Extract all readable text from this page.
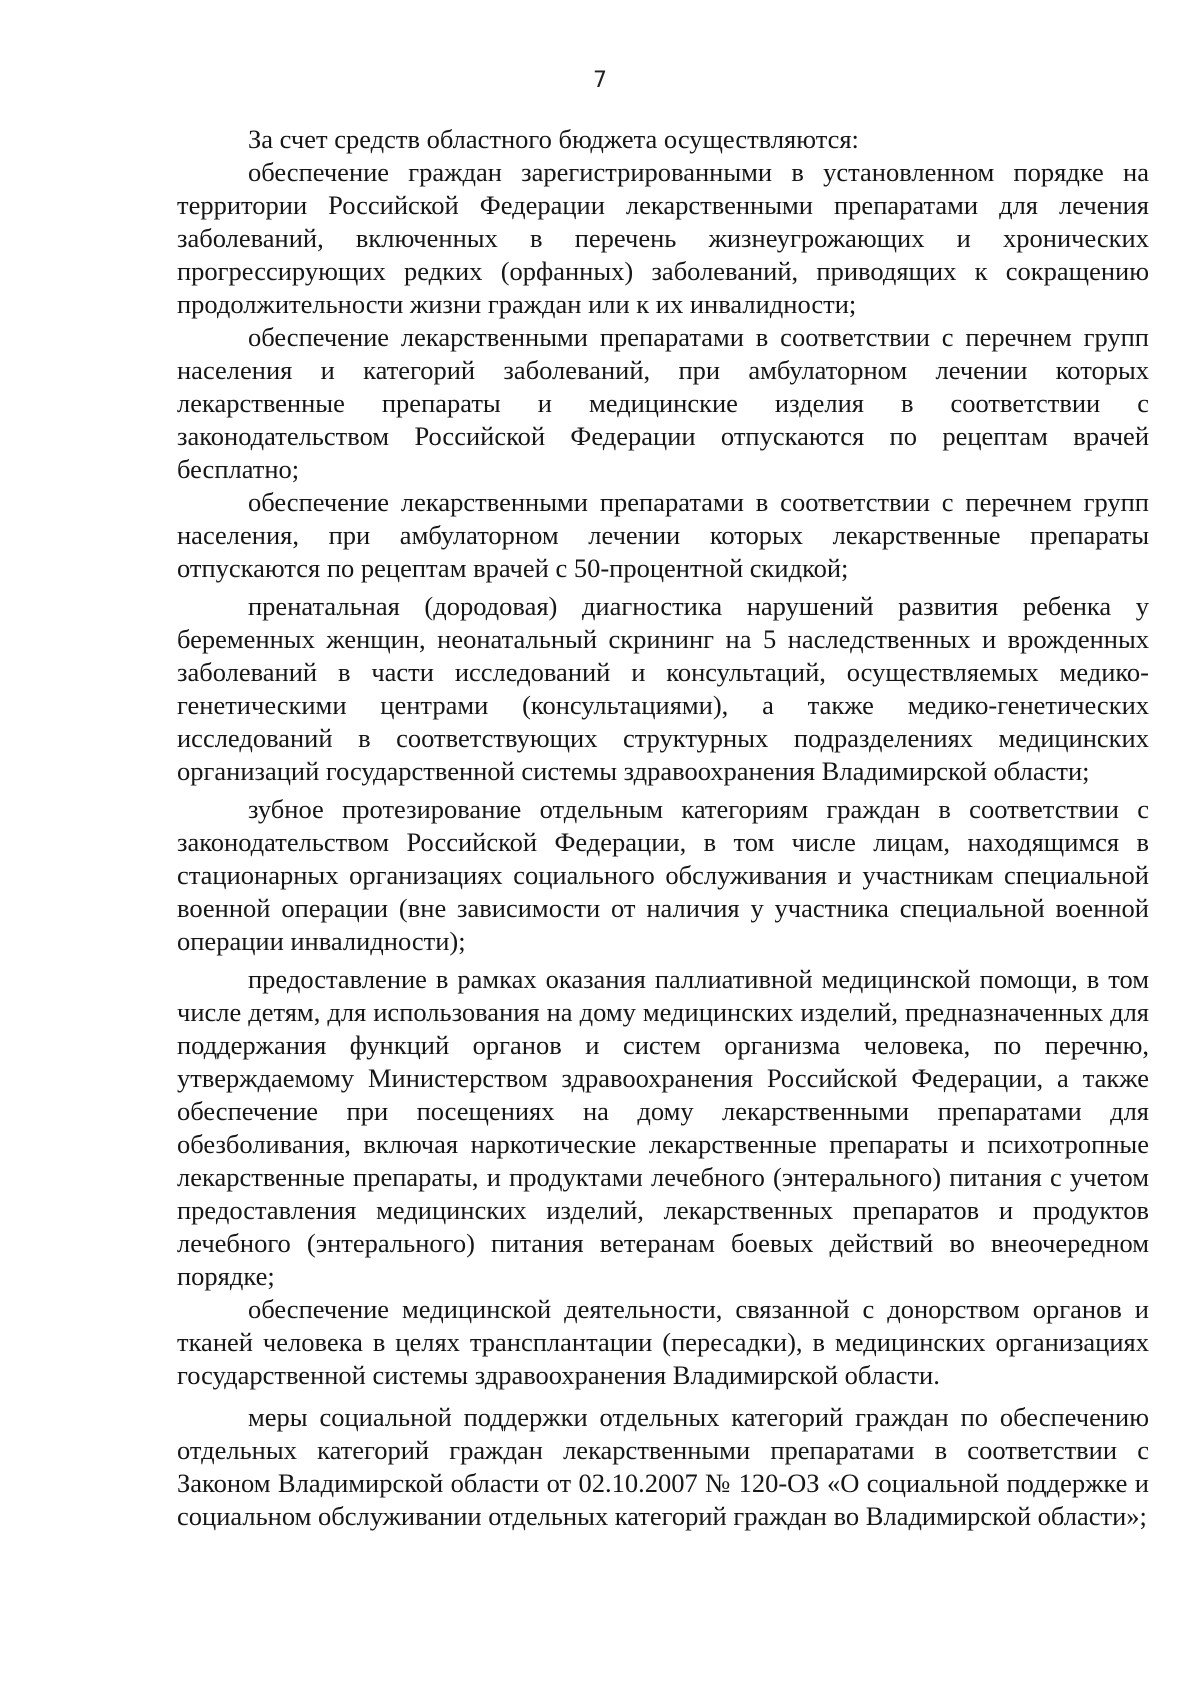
7

За счет средств областного бюджета осуществляются:

обеспечение граждан зарегистрированными в установленном порядке на территории Российской Федерации лекарственными препаратами для лечения заболеваний, включенных в перечень жизнеугрожающих и хронических прогрессирующих редких (орфанных) заболеваний, приводящих к сокращению продолжительности жизни граждан или к их инвалидности;

обеспечение лекарственными препаратами в соответствии с перечнем групп населения и категорий заболеваний, при амбулаторном лечении которых лекарственные препараты и медицинские изделия в соответствии с законодательством Российской Федерации отпускаются по рецептам врачей бесплатно;

обеспечение лекарственными препаратами в соответствии с перечнем групп населения, при амбулаторном лечении которых лекарственные препараты отпускаются по рецептам врачей с 50-процентной скидкой;

пренатальная (дородовая) диагностика нарушений развития ребенка у беременных женщин, неонатальный скрининг на 5 наследственных и врожденных заболеваний в части исследований и консультаций, осуществляемых медико-генетическими центрами (консультациями), а также медико-генетических исследований в соответствующих структурных подразделениях медицинских организаций государственной системы здравоохранения Владимирской области;

зубное протезирование отдельным категориям граждан в соответствии с законодательством Российской Федерации, в том числе лицам, находящимся в стационарных организациях социального обслуживания и участникам специальной военной операции (вне зависимости от наличия у участника специальной военной операции инвалидности);

предоставление в рамках оказания паллиативной медицинской помощи, в том числе детям, для использования на дому медицинских изделий, предназначенных для поддержания функций органов и систем организма человека, по перечню, утверждаемому Министерством здравоохранения Российской Федерации, а также обеспечение при посещениях на дому лекарственными препаратами для обезболивания, включая наркотические лекарственные препараты и психотропные лекарственные препараты, и продуктами лечебного (энтерального) питания с учетом предоставления медицинских изделий, лекарственных препаратов и продуктов лечебного (энтерального) питания ветеранам боевых действий во внеочередном порядке;

обеспечение медицинской деятельности, связанной с донорством органов и тканей человека в целях трансплантации (пересадки), в медицинских организациях государственной системы здравоохранения Владимирской области.

меры социальной поддержки отдельных категорий граждан по обеспечению отдельных категорий граждан лекарственными препаратами в соответствии с Законом Владимирской области от 02.10.2007 № 120-ОЗ «О социальной поддержке и социальном обслуживании отдельных категорий граждан во Владимирской области»;
